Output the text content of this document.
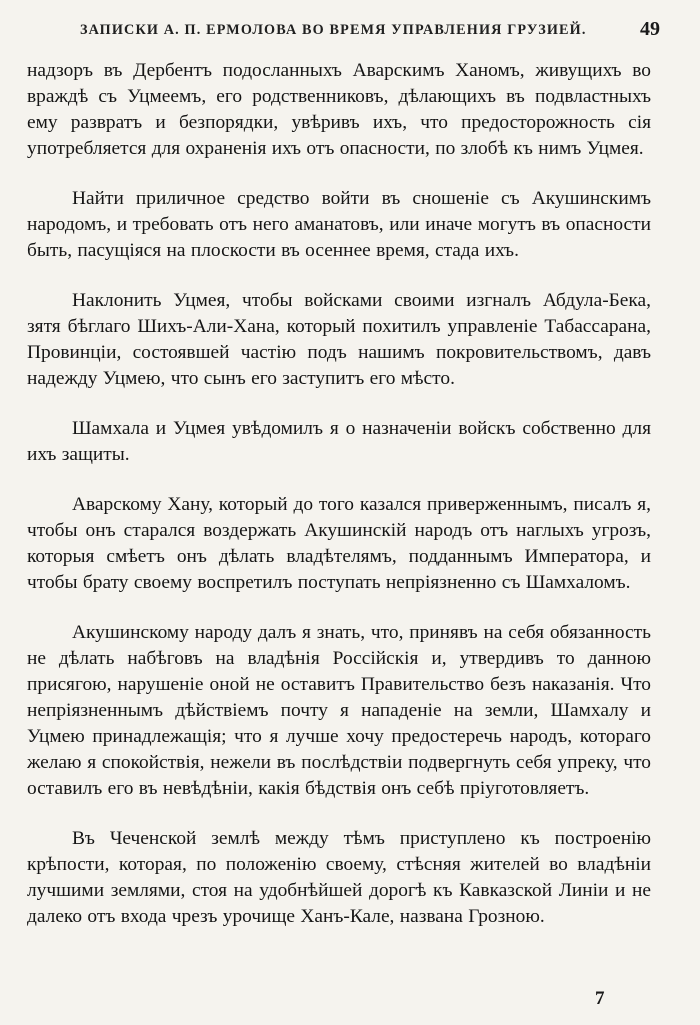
ЗАПИСКИ А. П. ЕРМОЛОВА ВО ВРЕМЯ УПРАВЛЕНИЯ ГРУЗИЕЙ.	49

надзоръ въ Дербентъ подосланныхъ Аварскимъ Ханомъ, живущихъ во враждѣ съ Уцмеемъ, его родственниковъ, дѣлающихъ въ подвластныхъ ему развратъ и безпорядки, увѣривъ ихъ, что предосторожность сія употребляется для охраненія ихъ отъ опасности, по злобѣ къ нимъ Уцмея.

Найти приличное средство войти въ сношеніе съ Акушинскимъ народомъ, и требовать отъ него аманатовъ, или иначе могутъ въ опасности быть, пасущіяся на плоскости въ осеннее время, стада ихъ.

Наклонить Уцмея, чтобы войсками своими изгналъ Абдула-Бека, зятя бѣглаго Шихъ-Али-Хана, который похитилъ управленіе Табассарана, Провинціи, состоявшей частію подъ нашимъ покровительствомъ, давъ надежду Уцмею, что сынъ его заступитъ его мѣсто.

Шамхала и Уцмея увѣдомилъ я о назначеніи войскъ собственно для ихъ защиты.

Аварскому Хану, который до того казался приверженнымъ, писалъ я, чтобы онъ старался воздержать Акушинскій народъ отъ наглыхъ угрозъ, которыя смѣетъ онъ дѣлать владѣтелямъ, подданнымъ Императора, и чтобы брату своему воспретилъ поступать непріязненно съ Шамхаломъ.

Акушинскому народу далъ я знать, что, принявъ на себя обязанность не дѣлать набѣговъ на владѣнія Россійскія и, утвердивъ то данною присягою, нарушеніе оной не оставитъ Правительство безъ наказанія. Что непріязненнымъ дѣйствіемъ почту я нападеніе на земли, Шамхалу и Уцмею принадлежащія; что я лучше хочу предостеречь народъ, котораго желаю я спокойствія, нежели въ послѣдствіи подвергнуть себя упреку, что оставилъ его въ невѣдѣніи, какія бѣдствія онъ себѣ пріуготовляетъ.

Въ Чеченской землѣ между тѣмъ приступлено къ построенію крѣпости, которая, по положенію своему, стѣсняя жителей во владѣніи лучшими землями, стоя на удобнѣйшей дорогѣ къ Кавказской Линіи и не далеко отъ входа чрезъ урочище Ханъ-Кале, названа Грозною.

7
